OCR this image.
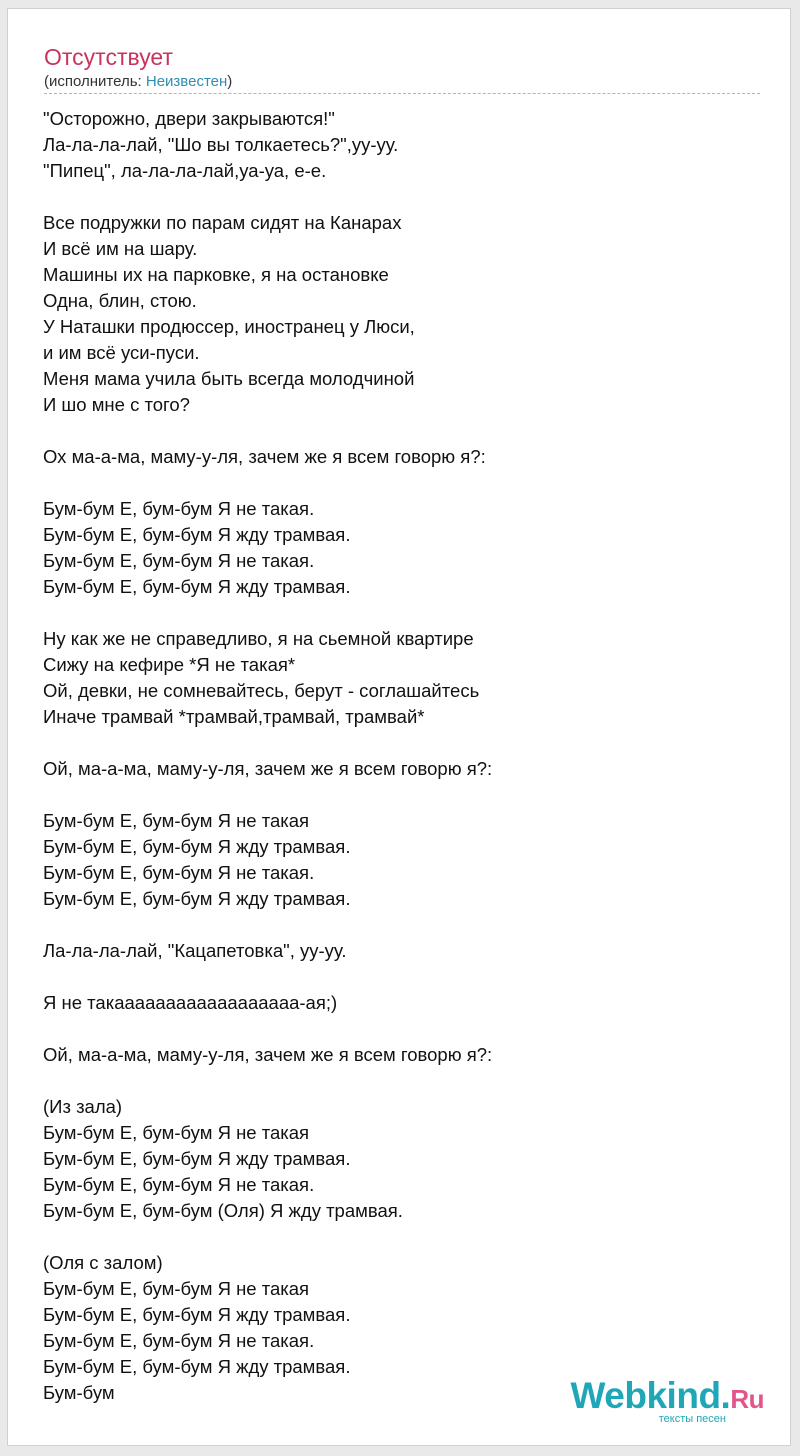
Отсутствует
(исполнитель: Неизвестен)
"Осторожно, двери закрываются!"
Ла-ла-ла-лай, "Шо вы толкаетесь?",уу-уу.
"Пипец", ла-ла-ла-лай,уа-уа, е-е.
Все подружки по парам сидят на Канарах
И всё им на шару.
Машины их на парковке, я на остановке
Одна, блин, стою.
У Наташки продюссер, иностранец у Люси,
и им всё уси-пуси.
Меня мама учила быть всегда молодчиной
И шо мне с того?
Ох ма-а-ма, маму-у-ля, зачем же я всем говорю я?:
Бум-бум Е, бум-бум Я не такая.
Бум-бум Е, бум-бум Я жду трамвая.
Бум-бум Е, бум-бум Я не такая.
Бум-бум Е, бум-бум Я жду трамвая.
Ну как же не справедливо, я на сьемной квартире
Сижу на кефире *Я не такая*
Ой, девки, не сомневайтесь, берут - соглашайтесь
Иначе трамвай *трамвай,трамвай, трамвай*
Ой, ма-а-ма, маму-у-ля, зачем же я всем говорю я?:
Бум-бум Е, бум-бум Я не такая
Бум-бум Е, бум-бум Я жду трамвая.
Бум-бум Е, бум-бум Я не такая.
Бум-бум Е, бум-бум Я жду трамвая.
Ла-ла-ла-лай, "Кацапетовка", уу-уу.
Я не такаааааааааааааааааа-ая;)
Ой, ма-а-ма, маму-у-ля, зачем же я всем говорю я?:
(Из зала)
Бум-бум Е, бум-бум Я не такая
Бум-бум Е, бум-бум Я жду трамвая.
Бум-бум Е, бум-бум Я не такая.
Бум-бум Е, бум-бум (Оля) Я жду трамвая.
(Оля с залом)
Бум-бум Е, бум-бум Я не такая
Бум-бум Е, бум-бум Я жду трамвая.
Бум-бум Е, бум-бум Я не такая.
Бум-бум Е, бум-бум Я жду трамвая.
Бум-бум	Webkind.Ru
тексты песен
